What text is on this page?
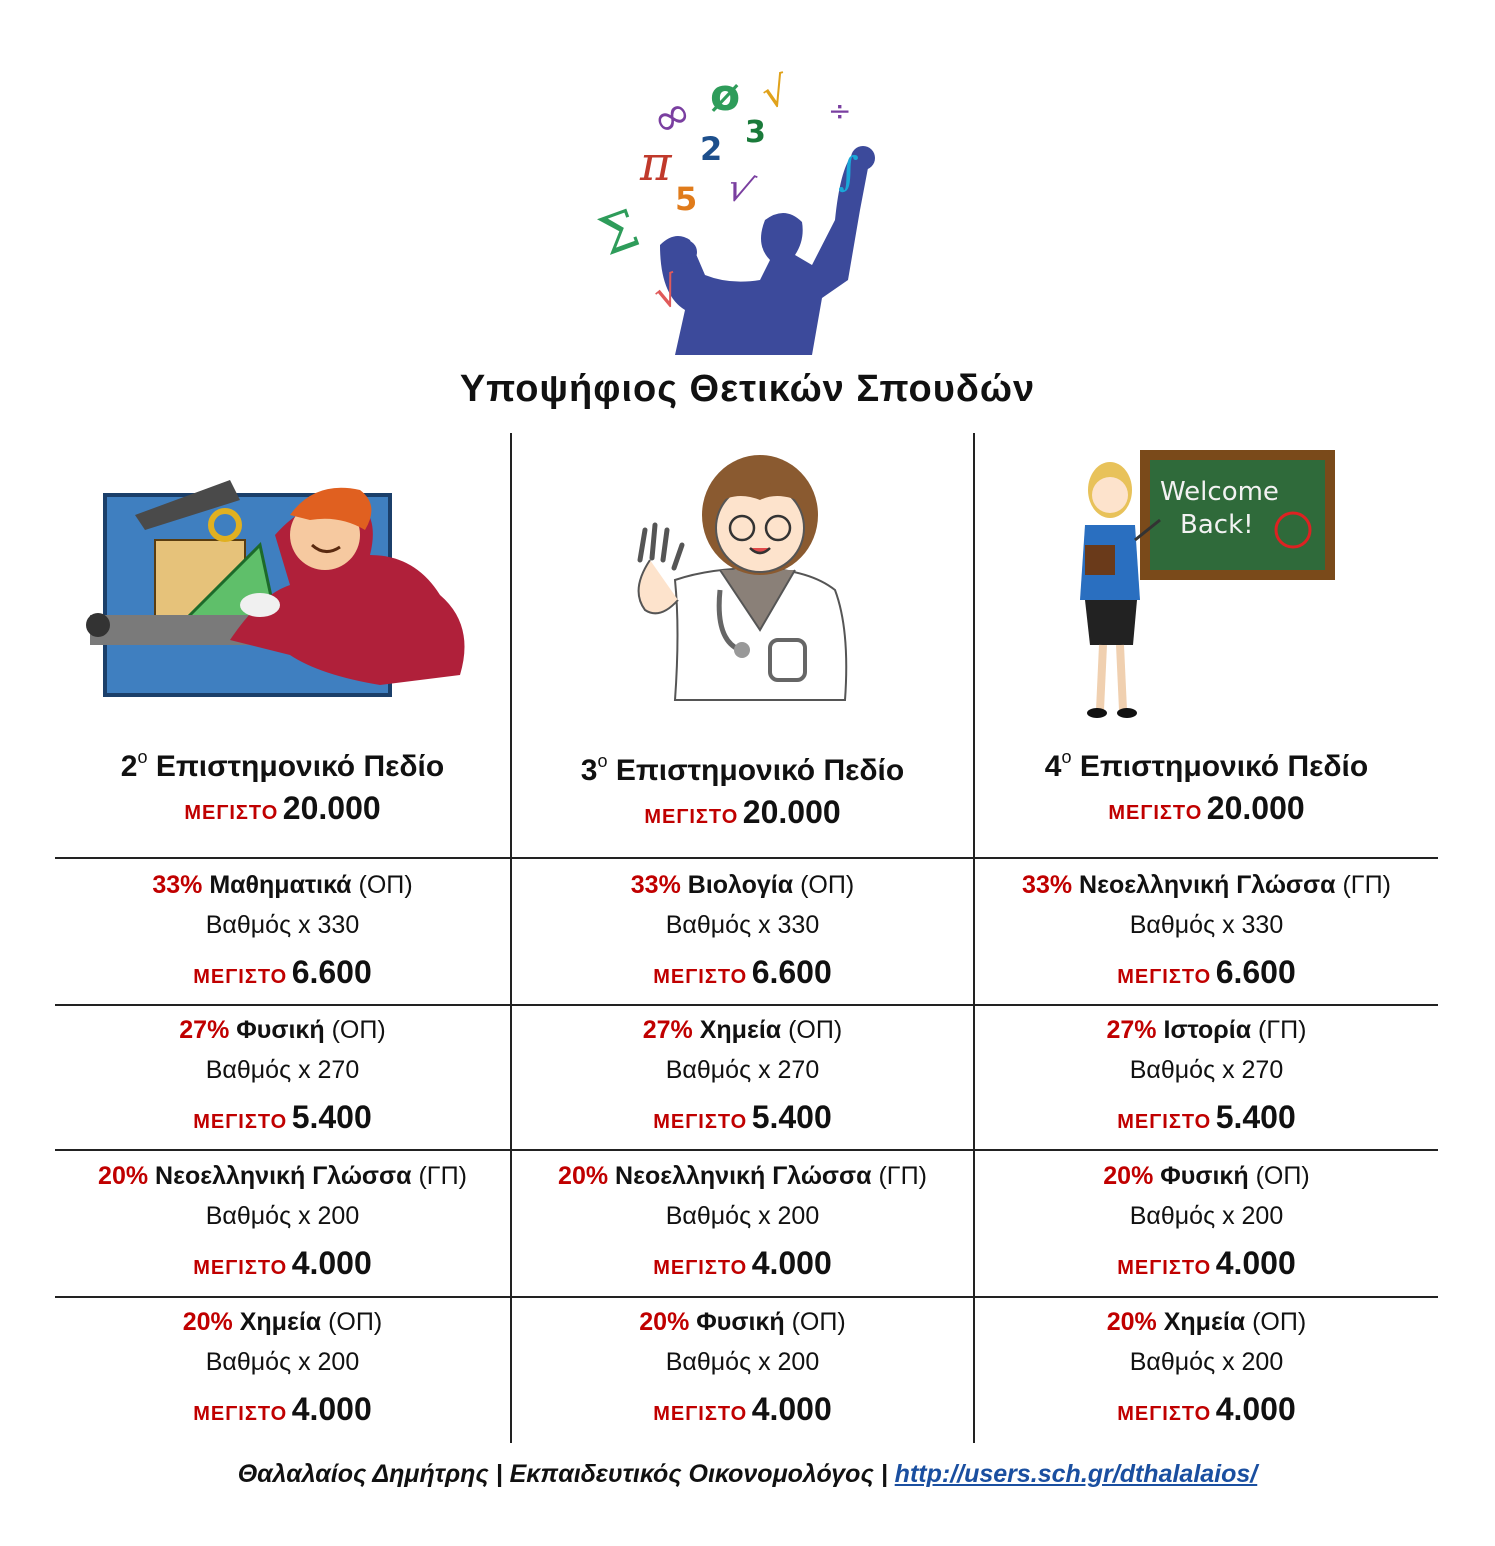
Σ
π
∞
2
ø
3
√ ÷
5 √ ∫
√
Υποψήφιος Θετικών Σπουδών
Welcome
Back!
$2^o$ Επιστημονικό Πεδίο
ΜΕΓΙΣΤΟ 20.000
$3^o$ Επιστημονικό Πεδίο
ΜΕΓΙΣΤΟ 20.000
$4^o$ Επιστημονικό Πεδίο
ΜΕΓΙΣΤΟ 20.000
33% Μαθηματικά (ΟΠ)
Βαθμός x 330
ΜΕΓΙΣΤΟ 6.600
33% Βιολογία (ΟΠ)
Βαθμός x 330
ΜΕΓΙΣΤΟ 6.600
33% Νεοελληνική Γλώσσα (ΓΠ)
Βαθμός x 330
ΜΕΓΙΣΤΟ 6.600
27% Φυσική (ΟΠ)
Βαθμός x 270
ΜΕΓΙΣΤΟ 5.400
27% Χημεία (ΟΠ)
Βαθμός x 270
ΜΕΓΙΣΤΟ 5.400
27% Ιστορία (ΓΠ)
Βαθμός x 270
ΜΕΓΙΣΤΟ 5.400
20% Νεοελληνική Γλώσσα (ΓΠ)
Βαθμός x 200
ΜΕΓΙΣΤΟ 4.000
20% Νεοελληνική Γλώσσα (ΓΠ)
Βαθμός x 200
ΜΕΓΙΣΤΟ 4.000
20% Φυσική (ΟΠ)
Βαθμός x 200
ΜΕΓΙΣΤΟ 4.000
20% Χημεία (ΟΠ)
Βαθμός x 200
ΜΕΓΙΣΤΟ 4.000
20% Φυσική (ΟΠ)
Βαθμός x 200
ΜΕΓΙΣΤΟ 4.000
20% Χημεία (ΟΠ)
Βαθμός x 200
ΜΕΓΙΣΤΟ 4.000
Θαλαλαίος Δημήτρης | Εκπαιδευτικός Οικονομολόγος | http://users.sch.gr/dthalalaios/
